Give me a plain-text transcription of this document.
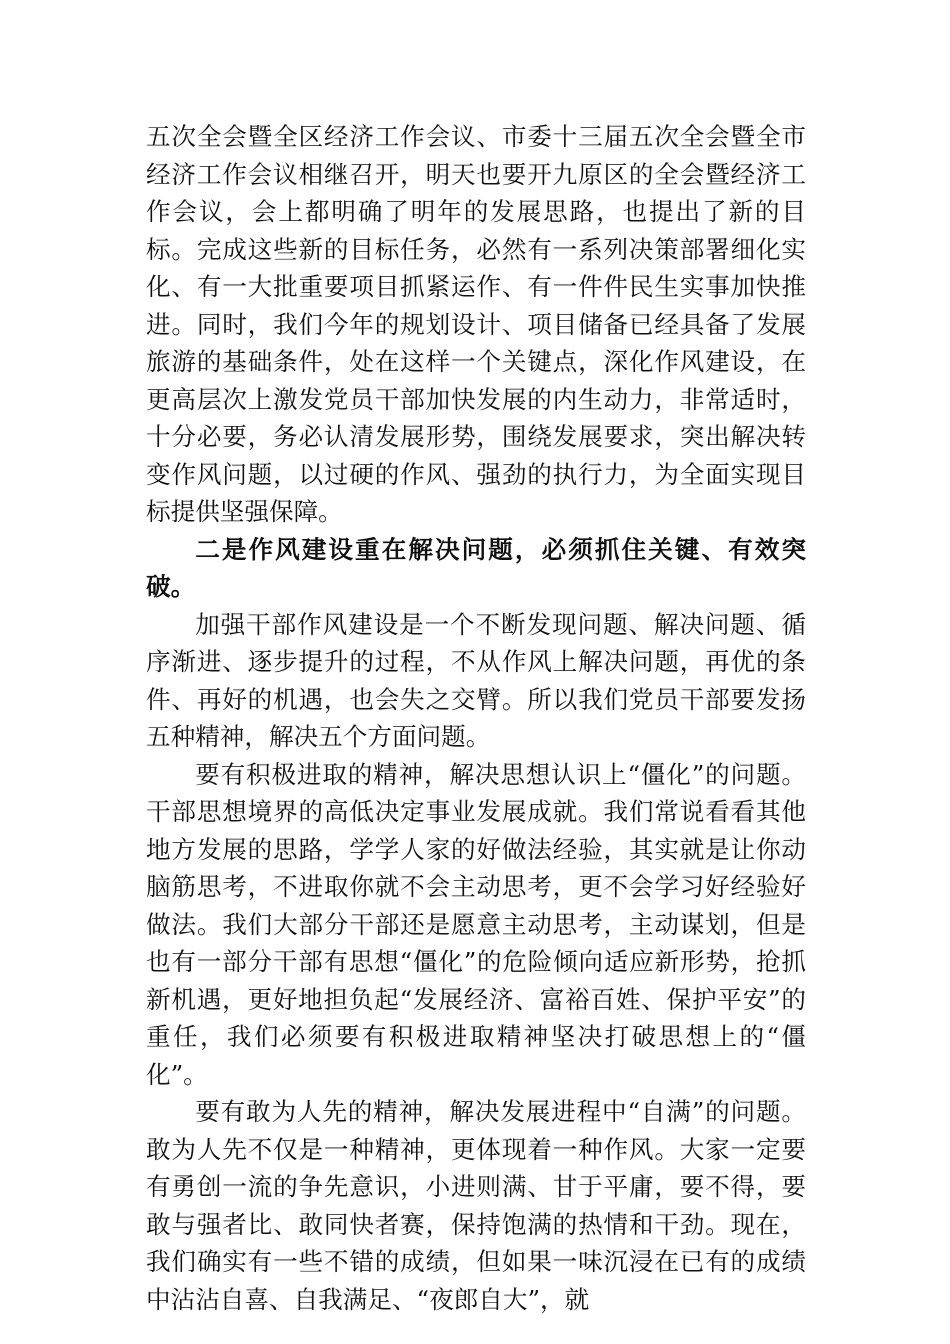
五次全会暨全区经济工作会议、市委十三届五次全会暨全市经济工作会议相继召开，明天也要开九原区的全会暨经济工作会议，会上都明确了明年的发展思路，也提出了新的目标。完成这些新的目标任务，必然有一系列决策部署细化实化、有一大批重要项目抓紧运作、有一件件民生实事加快推进。同时，我们今年的规划设计、项目储备已经具备了发展旅游的基础条件，处在这样一个关键点，深化作风建设，在更高层次上激发党员干部加快发展的内生动力，非常适时，十分必要，务必认清发展形势，围绕发展要求，突出解决转变作风问题，以过硬的作风、强劲的执行力，为全面实现目标提供坚强保障。

二是作风建设重在解决问题，必须抓住关键、有效突破。

加强干部作风建设是一个不断发现问题、解决问题、循序渐进、逐步提升的过程，不从作风上解决问题，再优的条件、再好的机遇，也会失之交臂。所以我们党员干部要发扬五种精神，解决五个方面问题。

要有积极进取的精神，解决思想认识上“僵化”的问题。干部思想境界的高低决定事业发展成就。我们常说看看其他地方发展的思路，学学人家的好做法经验，其实就是让你动脑筋思考，不进取你就不会主动思考，更不会学习好经验好做法。我们大部分干部还是愿意主动思考，主动谋划，但是也有一部分干部有思想“僵化”的危险倾向适应新形势，抢抓新机遇，更好地担负起“发展经济、富裕百姓、保护平安”的重任，我们必须要有积极进取精神坚决打破思想上的“僵化”。

要有敢为人先的精神，解决发展进程中“自满”的问题。敢为人先不仅是一种精神，更体现着一种作风。大家一定要有勇创一流的争先意识，小进则满、甘于平庸，要不得，要敢与强者比、敢同快者赛，保持饱满的热情和干劲。现在，我们确实有一些不错的成绩，但如果一味沉浸在已有的成绩中沾沾自喜、自我满足、“夜郎自大”，就
